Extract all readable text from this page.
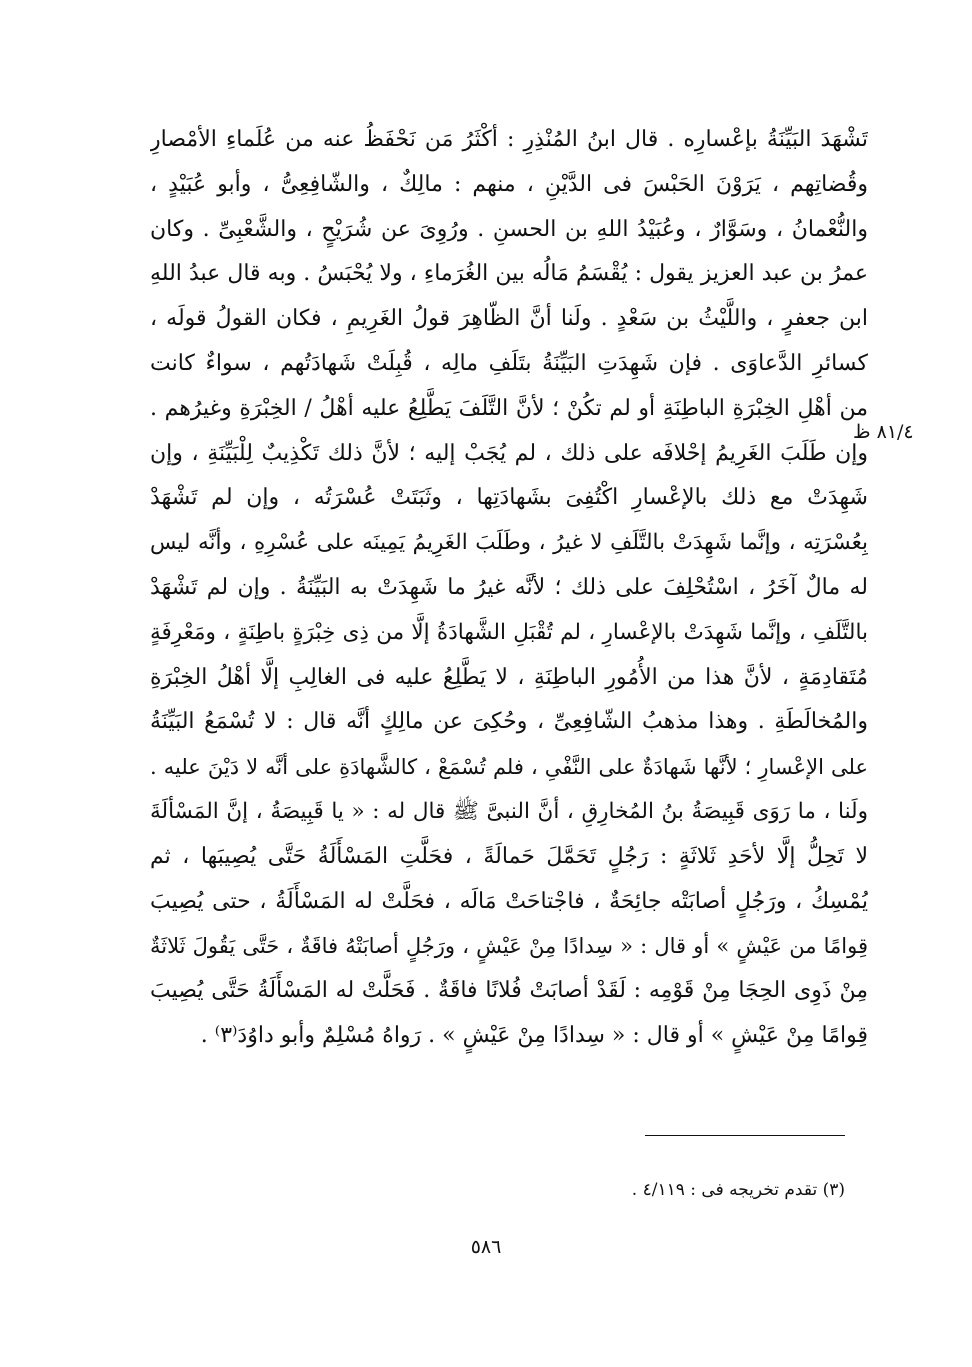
تَشْهَدَ البَيِّنَةُ بإعْسارِه . قال ابنُ المُنْذِرِ : أكْثَرُ مَن نَحْفَظُ عنه من عُلَماءِ الأمْصارِ
وقُضاتِهم ، يَرَوْنَ الحَبْسَ فى الدَّيْنِ ، منهم : مالِكٌ ، والشّافِعِىُّ ، وأبو عُبَيْدٍ ،
والنُّعْمانُ ، وسَوَّارٌ ، وعُبَيْدُ اللهِ بن الحسنِ . ورُوِىَ عن شُرَيْحٍ ، والشَّعْبِىِّ . وكان
عمرُ بن عبد العزيز يقول : يُقْسَمُ مَالُه بين الغُرَماءِ ، ولا يُحْبَسُ . وبه قال عبدُ اللهِ
ابن جعفرٍ ، واللَّيْثُ بن سَعْدٍ . ولَنا أنَّ الظّاهِرَ قولُ الغَرِيمِ ، فكان القولُ قولَه ،
كسائرِ الدَّعاوَى . فإن شَهِدَتِ البَيِّنَةُ بتَلَفِ مالِه ، قُبِلَتْ شَهادَتُهم ، سواءٌ كانت
من أهْلِ الخِبْرَةِ الباطِنَةِ أو لم تكُنْ ؛ لأنَّ التَّلَفَ يَطَّلِعُ عليه أهْلُ / الخِبْرَةِ وغيرُهم .
وإن طَلَبَ الغَرِيمُ إحْلافَه على ذلك ، لم يُجَبْ إليه ؛ لأنَّ ذلك تَكْذِيبٌ لِلْبَيِّنَةِ ، وإن
شَهِدَتْ مع ذلك بالإعْسارِ اكْتُفِىَ بشَهادَتِها ، وثَبَتَتْ عُسْرَتُه ، وإن لم تَشْهَدْ
بِعُسْرَتِه ، وإنَّما شَهِدَتْ بالتَّلَفِ لا غيرُ ، وطَلَبَ الغَرِيمُ يَمِينَه على عُسْرِهِ ، وأنَّه ليس
له مالٌ آخَرُ ، اسْتُحْلِفَ على ذلك ؛ لأنَّه غيرُ ما شَهِدَتْ به البَيِّنَةُ . وإن لم تَشْهَدْ
بالتَّلَفِ ، وإنَّما شَهِدَتْ بالإعْسارِ ، لم تُقْبَلِ الشَّهادَةُ إلَّا من ذِى خِبْرَةٍ باطِنَةٍ ، ومَعْرِفَةٍ
مُتَقادِمَةٍ ، لأنَّ هذا من الأُمُورِ الباطِنَةِ ، لا يَطَّلِعُ عليه فى الغالِبِ إلَّا أهْلُ الخِبْرَةِ
والمُخالَطَةِ . وهذا مذهبُ الشّافِعِىِّ ، وحُكِىَ عن مالِكٍ أنَّه قال : لا تُسْمَعُ البَيِّنَةُ
على الإعْسارِ ؛ لأنَّها شَهادَةٌ على النَّفْىِ ، فلم تُسْمَعْ ، كالشَّهادَةِ على أنَّه لا دَيْنَ عليه .
ولَنا ، ما رَوَى قَبِيصَةُ بنُ المُخارِقِ ، أنَّ النبىَّ ﷺ قال له : « يا قَبِيصَةُ ، إنَّ المَسْألَةَ
لا تَحِلُّ إلَّا لأحَدِ ثَلاثَةٍ : رَجُلٍ تَحَمَّلَ حَمالَةً ، فحَلَّتِ المَسْأَلَةُ حَتَّى يُصِيبَها ، ثم
يُمْسِكُ ، ورَجُلٍ أصابَتْه جائِحَةٌ ، فاجْتاحَتْ مَالَه ، فحَلَّتْ له المَسْأَلَةُ ، حتى يُصِيبَ
قِوامًا من عَيْشٍ » أو قال : « سِدادًا مِنْ عَيْشٍ ، ورَجُلٍ أصابَتْهُ فاقَةٌ ، حَتَّى يَقُولَ ثَلاثَةٌ
مِنْ ذَوِى الحِجَا مِنْ قَوْمِه : لَقَدْ أصابَتْ فُلانًا فاقَةٌ . فَحَلَّتْ له المَسْأَلَةُ حَتَّى يُصِيبَ
قِوامًا مِنْ عَيْشٍ » أو قال : « سِدادًا مِنْ عَيْشٍ » . رَواهُ مُسْلِمٌ وأبو داوُدَ⁽٣⁾ .
٨١/٤ ظ
(٣) تقدم تخريجه فى : ٤/١١٩ .
٥٨٦
